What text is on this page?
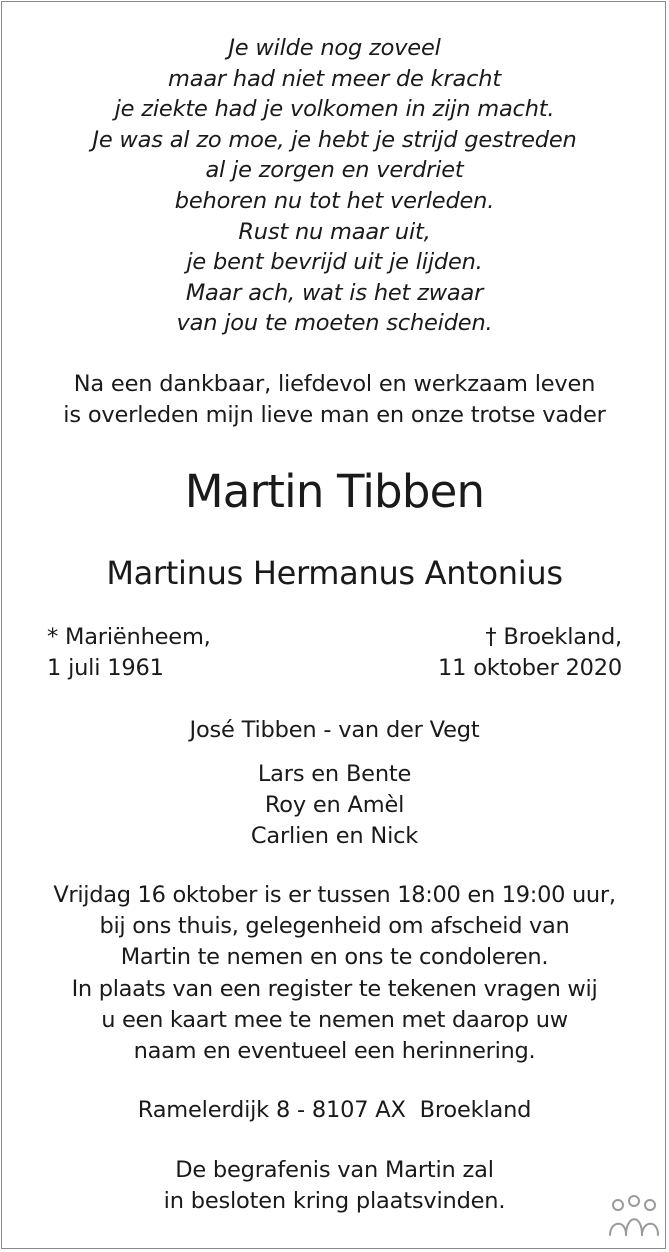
Je wilde nog zoveel
maar had niet meer de kracht
je ziekte had je volkomen in zijn macht.
Je was al zo moe, je hebt je strijd gestreden
al je zorgen en verdriet
behoren nu tot het verleden.
Rust nu maar uit,
je bent bevrijd uit je lijden.
Maar ach, wat is het zwaar
van jou te moeten scheiden.
Na een dankbaar, liefdevol en werkzaam leven
is overleden mijn lieve man en onze trotse vader
Martin Tibben
Martinus Hermanus Antonius
* Mariënheem,
1 juli 1961
† Broekland,
11 oktober 2020
José Tibben - van der Vegt
Lars en Bente
Roy en Amèl
Carlien en Nick
Vrijdag 16 oktober is er tussen 18:00 en 19:00 uur,
bij ons thuis, gelegenheid om afscheid van
Martin te nemen en ons te condoleren.
In plaats van een register te tekenen vragen wij
u een kaart mee te nemen met daarop uw
naam en eventueel een herinnering.
Ramelerdijk 8 - 8107 AX  Broekland
De begrafenis van Martin zal
in besloten kring plaatsvinden.
